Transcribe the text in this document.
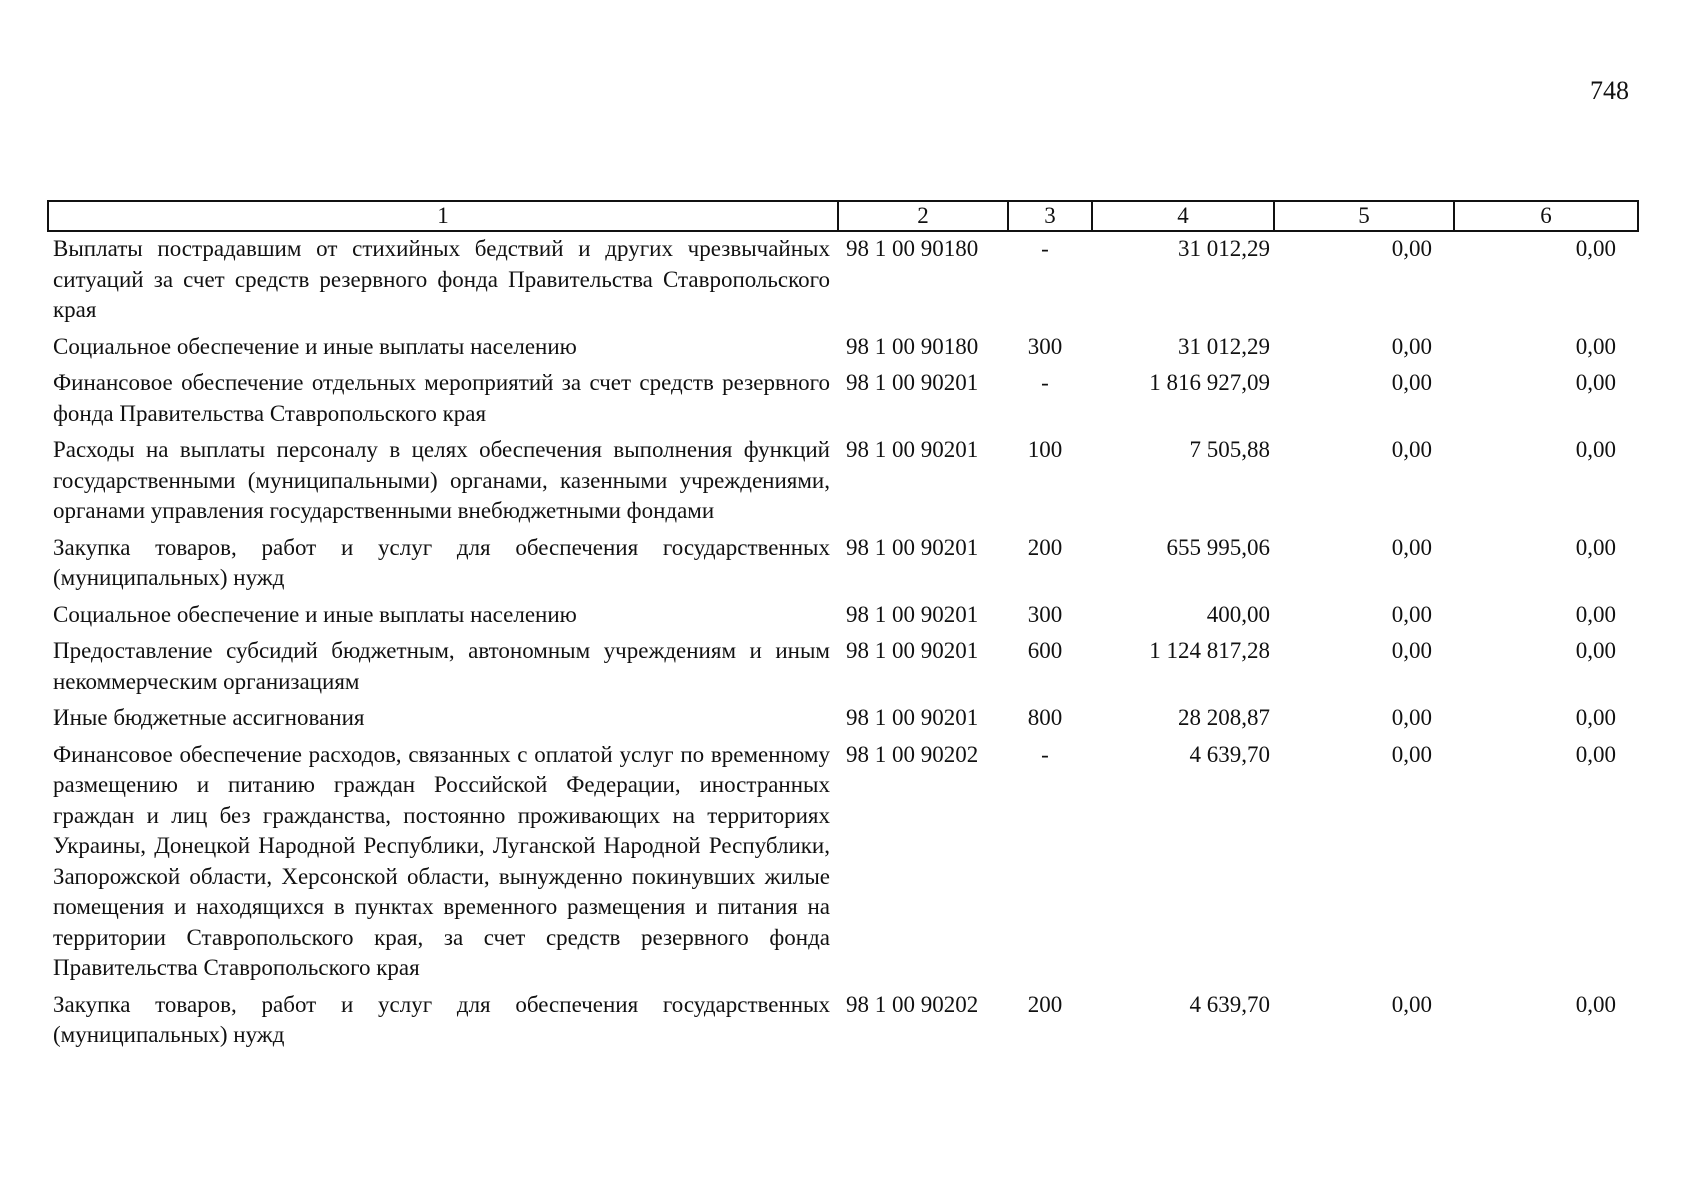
748
1	2	3	4	5	6
Выплаты пострадавшим от стихийных бедствий и других чрезвычайных ситуаций за счет средств резервного фонда Правительства Ставропольского края	98 1 00 90180	-	31 012,29	0,00	0,00
Социальное обеспечение и иные выплаты населению	98 1 00 90180	300	31 012,29	0,00	0,00
Финансовое обеспечение отдельных мероприятий за счет средств резервного фонда Правительства Ставропольского края	98 1 00 90201	-	1 816 927,09	0,00	0,00
Расходы на выплаты персоналу в целях обеспечения выполнения функций государственными (муниципальными) органами, казенными учреждениями, органами управления государственными внебюджетными фондами	98 1 00 90201	100	7 505,88	0,00	0,00
Закупка товаров, работ и услуг для обеспечения государственных (муниципальных) нужд	98 1 00 90201	200	655 995,06	0,00	0,00
Социальное обеспечение и иные выплаты населению	98 1 00 90201	300	400,00	0,00	0,00
Предоставление субсидий бюджетным, автономным учреждениям и иным некоммерческим организациям	98 1 00 90201	600	1 124 817,28	0,00	0,00
Иные бюджетные ассигнования	98 1 00 90201	800	28 208,87	0,00	0,00
Финансовое обеспечение расходов, связанных с оплатой услуг по временному размещению и питанию граждан Российской Федерации, иностранных граждан и лиц без гражданства, постоянно проживающих на территориях Украины, Донецкой Народной Республики, Луганской Народной Республики, Запорожской области, Херсонской области, вынужденно покинувших жилые помещения и находящихся в пунктах временного размещения и питания на территории Ставропольского края, за счет средств резервного фонда Правительства Ставропольского края	98 1 00 90202	-	4 639,70	0,00	0,00
Закупка товаров, работ и услуг для обеспечения государственных (муниципальных) нужд	98 1 00 90202	200	4 639,70	0,00	0,00
